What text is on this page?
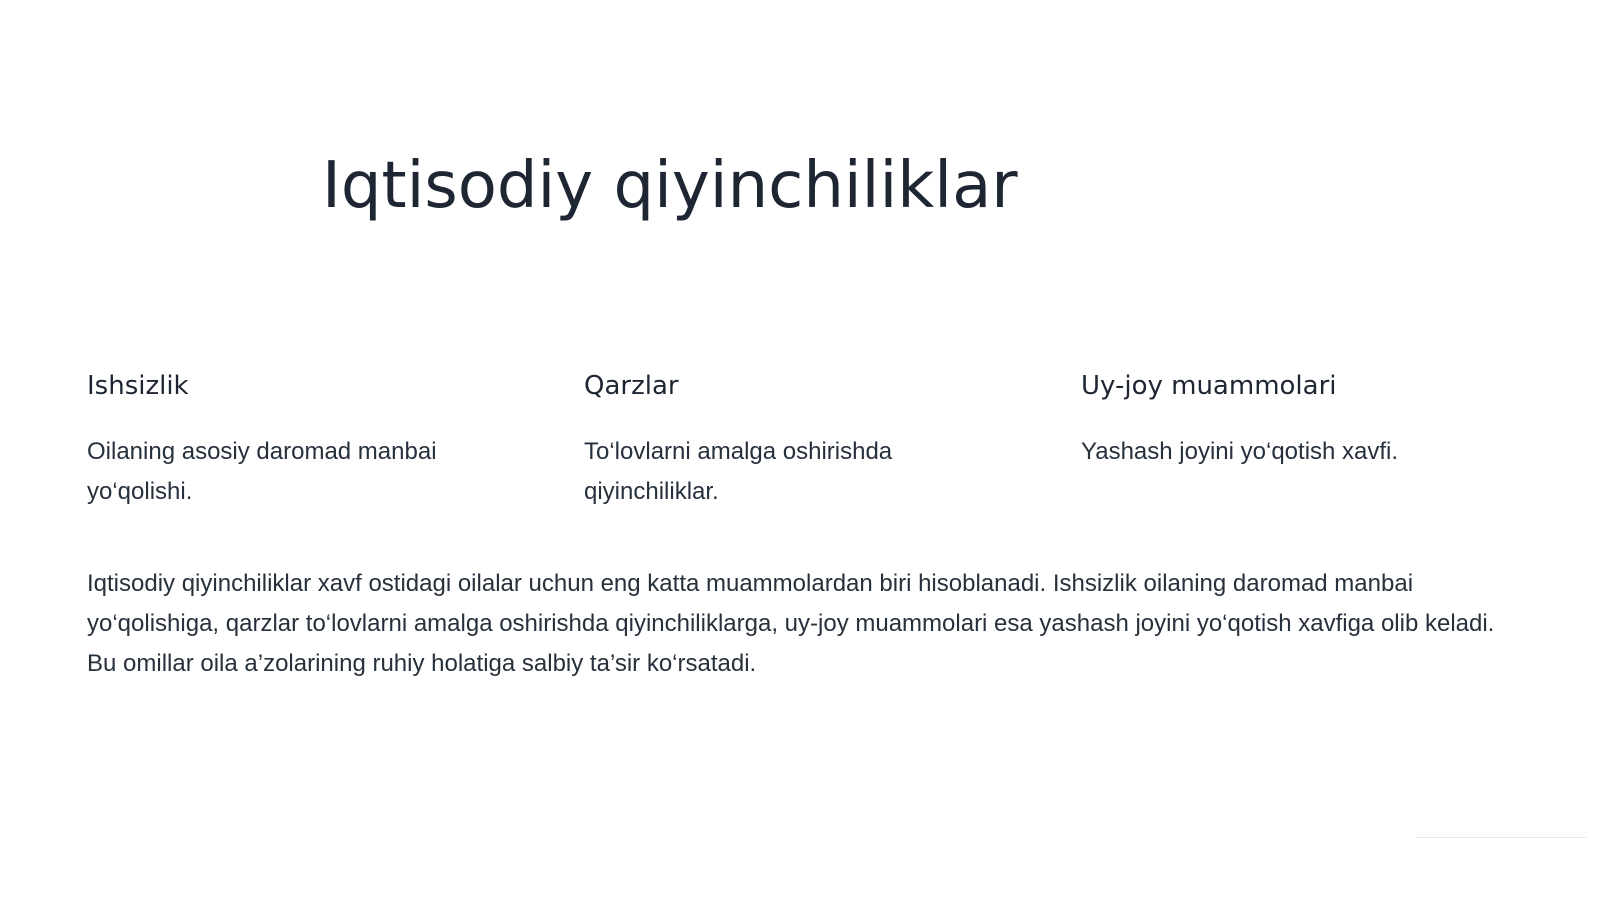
Iqtisodiy qiyinchiliklar
Ishsizlik

Oilaning asosiy daromad manbai yo‘qolishi.

Qarzlar

To‘lovlarni amalga oshirishda qiyinchiliklar.

Uy-joy muammolari

Yashash joyini yo‘qotish xavfi.

Iqtisodiy qiyinchiliklar xavf ostidagi oilalar uchun eng katta muammolardan biri hisoblanadi. Ishsizlik oilaning daromad manbai yo‘qolishiga, qarzlar to‘lovlarni amalga oshirishda qiyinchiliklarga, uy-joy muammolari esa yashash joyini yo‘qotish xavfiga olib keladi. Bu omillar oila a’zolarining ruhiy holatiga salbiy ta’sir ko‘rsatadi.
